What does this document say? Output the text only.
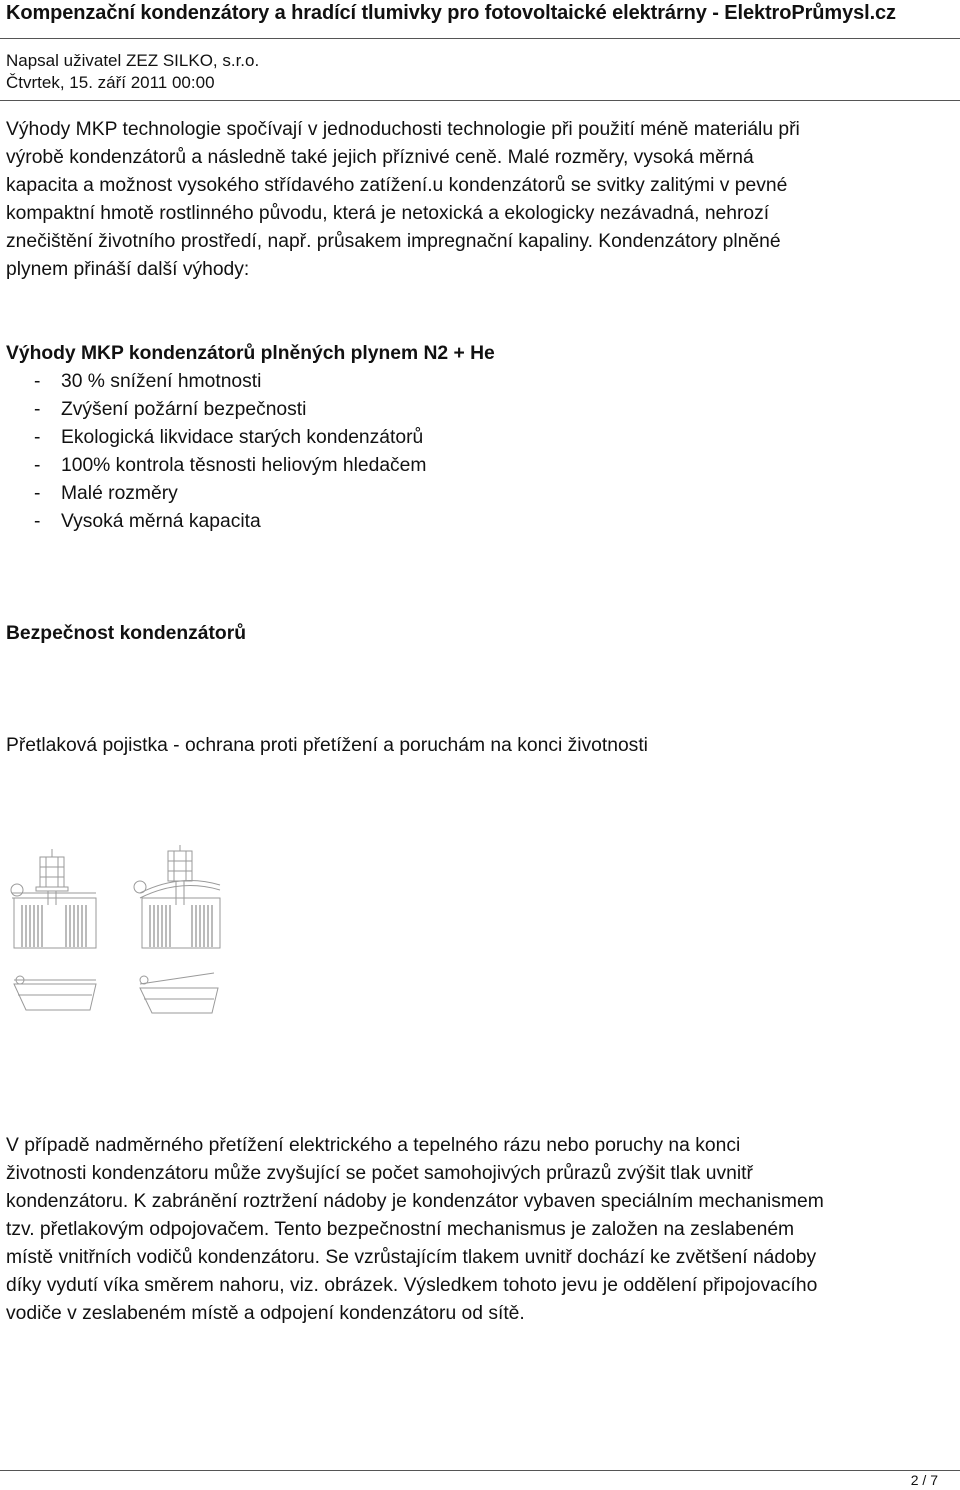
Kompenzační kondenzátory a hradící tlumivky pro fotovoltaické elektrárny - ElektroPrůmysl.cz
Napsal uživatel ZEZ SILKO, s.r.o.
Čtvrtek, 15. září 2011 00:00
Výhody MKP technologie spočívají v jednoduchosti technologie při použití méně materiálu při
výrobě kondenzátorů a následně také jejich příznivé ceně. Malé rozměry, vysoká měrná
kapacita a možnost vysokého střídavého zatížení.u kondenzátorů se svitky zalitými v pevné
kompaktní hmotě rostlinného původu, která je netoxická a ekologicky nezávadná, nehrozí
znečištění životního prostředí, např. průsakem impregnační kapaliny. Kondenzátory plněné
plynem přináší další výhody:
Výhody MKP kondenzátorů plněných plynem N2 + He
-	30 % snížení hmotnosti
-	Zvýšení požární bezpečnosti
-	Ekologická likvidace starých kondenzátorů
-	100% kontrola těsnosti heliovým hledačem
-	Malé rozměry
-	Vysoká měrná kapacita
Bezpečnost kondenzátorů
Přetlaková pojistka - ochrana proti přetížení a poruchám na konci životnosti
V případě nadměrného přetížení elektrického a tepelného rázu nebo poruchy na konci
životnosti kondenzátoru může zvyšující se počet samohojivých průrazů zvýšit tlak uvnitř
kondenzátoru. K zabránění roztržení nádoby je kondenzátor vybaven speciálním mechanismem
tzv. přetlakovým odpojovačem. Tento bezpečnostní mechanismus je založen na zeslabeném
místě vnitřních vodičů kondenzátoru. Se vzrůstajícím tlakem uvnitř dochází ke zvětšení nádoby
díky vydutí víka směrem nahoru, viz. obrázek. Výsledkem tohoto jevu je oddělení připojovacího
vodiče v zeslabeném místě a odpojení kondenzátoru od sítě.
2 / 7
